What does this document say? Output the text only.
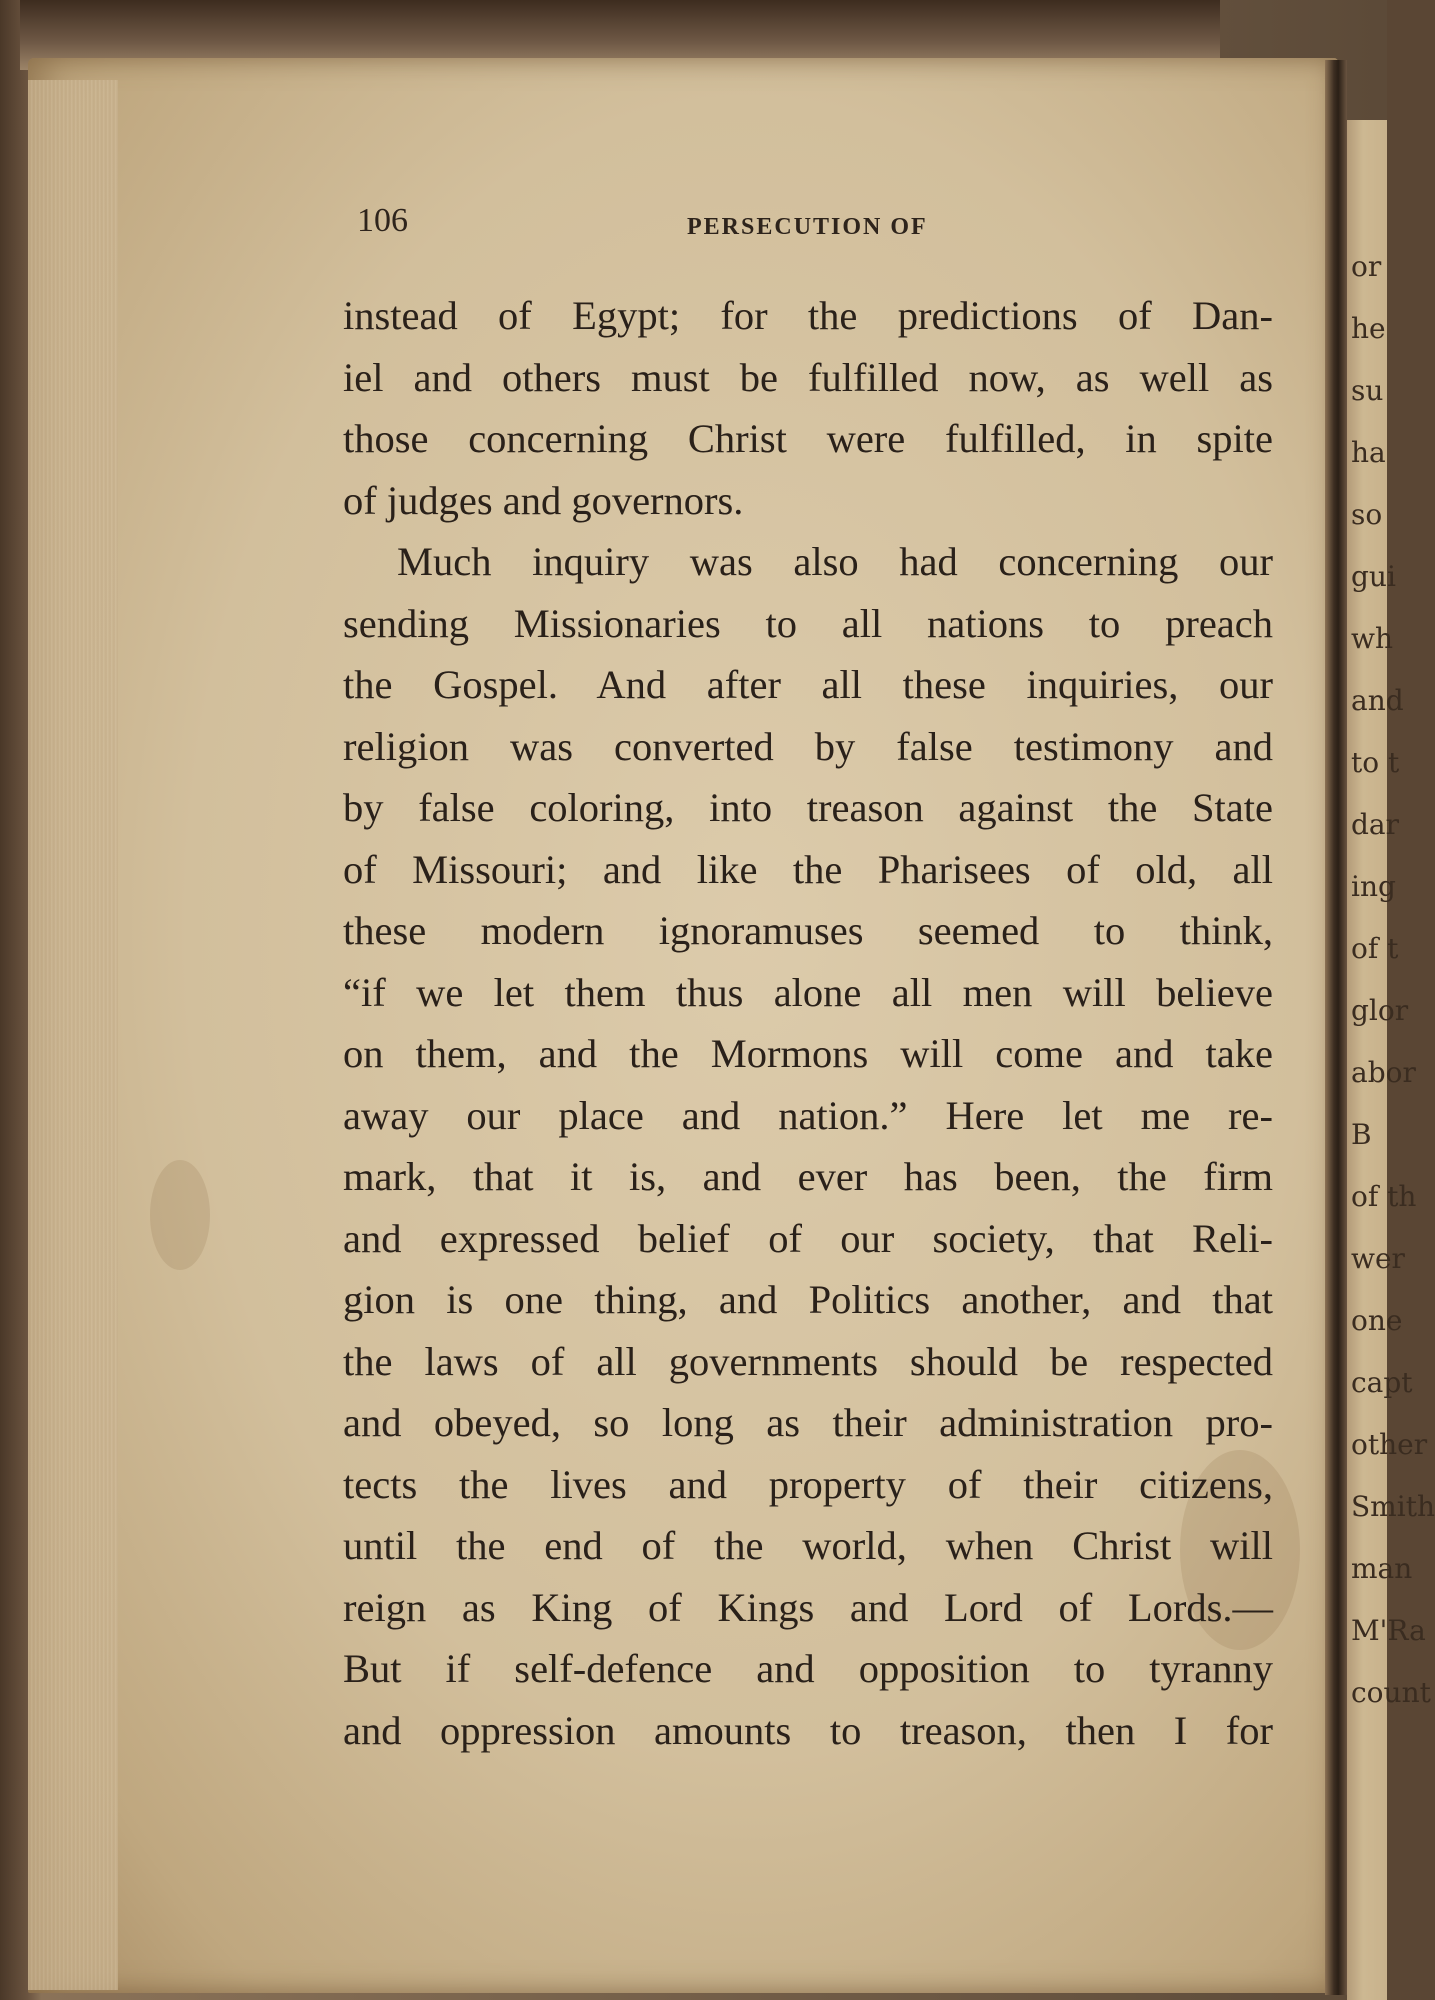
or
he
su
ha
so
gui
wh
and
to t
dar
ing
of t
glor
abor
B
of th
wer
one
capt
other
Smith
man
M'Ra
count
106	PERSECUTION OF
instead of Egypt; for the predictions of Dan-
iel and others must be fulfilled now, as well as
those concerning Christ were fulfilled, in spite
of judges and governors.
Much inquiry was also had concerning our
sending Missionaries to all nations to preach
the Gospel. And after all these inquiries, our
religion was converted by false testimony and
by false coloring, into treason against the State
of Missouri; and like the Pharisees of old, all
these modern ignoramuses seemed to think,
“if we let them thus alone all men will believe
on them, and the Mormons will come and take
away our place and nation.” Here let me re-
mark, that it is, and ever has been, the firm
and expressed belief of our society, that Reli-
gion is one thing, and Politics another, and that
the laws of all governments should be respected
and obeyed, so long as their administration pro-
tects the lives and property of their citizens,
until the end of the world, when Christ will
reign as King of Kings and Lord of Lords.—
But if self-defence and opposition to tyranny
and oppression amounts to treason, then I for
